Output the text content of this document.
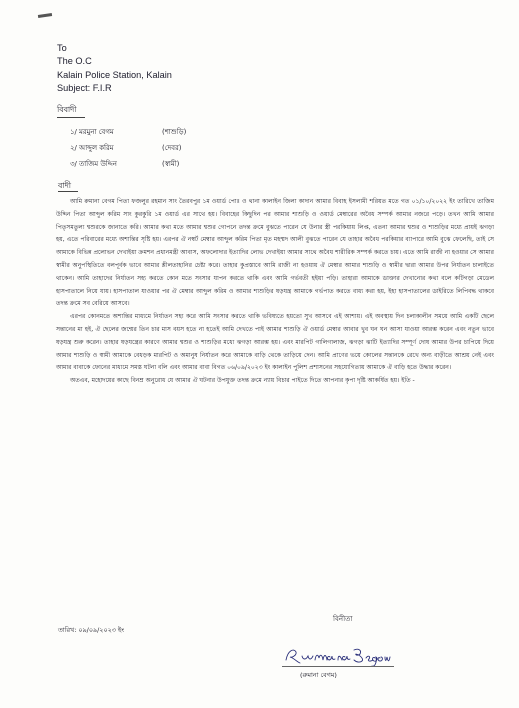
To
The O.C
Kalain Police Station, Kalain
Subject: F.I.R
বিবাদী
১/ মরমুনা বেগম	(শাশুড়ি)
২/ আব্দুল করিম	(দেবর)
৩/ তাজিম উদ্দিন	(স্বামী)
বাদী

আমি রুমানা বেগম পিতা ফজলুর রহমান সাং তৈরবপুর ১ম ওয়ার্ড পোঃ ও থানা কালাইন জিলা কাদান আমার বিবাহ ইসলামী শরিয়ত মতে গত ০১/১০/২০২২ ইং তারিখে তাজিম উদ্দিন পিতা আব্দুল করিম সাং কুরকুরি ১ম ওয়ার্ড এর সাথে হয়। বিবাহের কিছুদিন পর আমার শাশুড়ি ও ওয়ার্ড মেম্বারের অবৈধ সম্পর্ক আমার নজরে পড়ে। তখন আমি আমার পিতৃসমতুল্য শ্বশুরকে জানাতে করি। আমার কথা মতে আমার শ্বশুর গোপনে তদন্ত ক্রমে বুঝতে পারেন যে উনার স্ত্রী পরকিয়ায় লিপ্ত, এতনা আমার শ্বশুর ও শাশুড়ির মধ্যে প্রায়ই ঝগড়া হয়, এতে পরিবারের মধ্যে অশান্তির সৃষ্টি হয়। এরপর ঐ নম্বর্ট মেম্বার আব্দুল করিম পিতা মৃত মহম্মদ আলী বুঝতে পারেন যে তাহার অবৈধ পরকিয়ার ব্যাপারে আমি বুঝে ফেলেছি, তাই সে আমাকে বিভিন্ন প্রলোভন দেখাইয়া ক্রমশন প্রধানমন্ত্রী আবাস, অফলোদার ইত্যাদির লোভ দেখাইয়া আমার সাথে অবৈধ শারীরিক সম্পর্ক করতে চায়। এতে আমি রাজী না হওয়ার সে আমার স্বামীর অনুপস্থিতিতে বলপূর্বক ভাবে আমার শ্লীলতাহানির চেষ্টা করে। তাহার কুপ্রস্তাবে আমি রাজী না হওয়ায় ঐ মেম্বার আমার শাশুড়ি ও স্বামীর দ্বারা আমার উপর নির্যাতন চালাইতে থাকেন। আমি তাহাদের নির্যাতন সহ্য করতে কোন মতে সংসার যাপন করতে থাকি এবং আমি গর্ভবতী হইয়া পড়ি। তাহারা আমাকে ডাক্তার দেখানোর কথা বলে কটিগড়া মেডেল হাসপাতালে নিয়ে যায়। হাসপাতাল যাওয়ার পর ঐ মেম্বার আব্দুল করিম ও আমার শাশুড়ির ষড়যন্ত্র আমাকে গর্ভপাত করতে বাধ্য করা হয়, ইহা হাসপাতালের ডাইরিতে লিপিবদ্ধ থাকবে তদন্ত ক্রমে সব বেরিয়ে আসবে।

এরপর কোনমতে অশান্তির মাধ্যমে নির্যাতন সহ্য করে আমি সংসার করতে থাকি ভবিষ্যতে হয়তো সুখ আসবে এই আশায়। এই অবস্থায় দিন চলাকালীন সময়ে আমি একটি ছেলে সন্তানের মা হই, ঐ ছেলের জন্মের তিন চার মাস বয়স হতে না হতেই আমি দেখতে পাই আমার শাশুড়ি ঐ ওয়ার্ড মেম্বার আবার খুব ঘন ঘন আসা যাওয়া আরম্ভ করেন এবং নতুন ভাবে ষড়যন্ত্র শুরু করেন। তাহার ষড়যন্ত্রের কারণে আমার শ্বশুর ও শাশুড়ির মধ্যে ঝগড়া আরম্ভ হয়। এবং মারপিট গালিগালাজ, ঝগড়া ঝাটি ইত্যাদির সম্পূর্ণ দোষ আমার উপর চাপিয়ে দিয়ে আমার শাশুড়ি ও স্বামী আমাকে বেধড়ক মারপিট ও অমানুষ নির্যাতন করে আমাকে বাড়ি থেকে তাড়িয়ে দেন। আমি প্রাণের ভয়ে কোলের সন্তানকে রেখে অন্য বাড়ীতে আশ্রয় নেই এবং আমার বাবাকে ফোনের মাধ্যমে সমস্ত ঘটনা বলি এবং আমার বাবা বিগত ০৬/০৯/২০২৩ ইং কালাইন পুলিশ প্রশাসনের সহযোগিতায় আমাকে ঐ বাড়ি হতে উদ্ধার করেন।

অতএব, মহোদয়ের কাছে বিনম্র অনুরোধ যে আমার ঐ ঘটনার উপযুক্ত তদন্ত ক্রমে ন্যায় বিচার পাইতে দিতে আপনার কৃপা দৃষ্টি আকর্ষিত হয়। ইতি -

তারিখ: ০৯/০৯/২০২৩ ইং
বিনীতা
(রুমানা বেগম)
